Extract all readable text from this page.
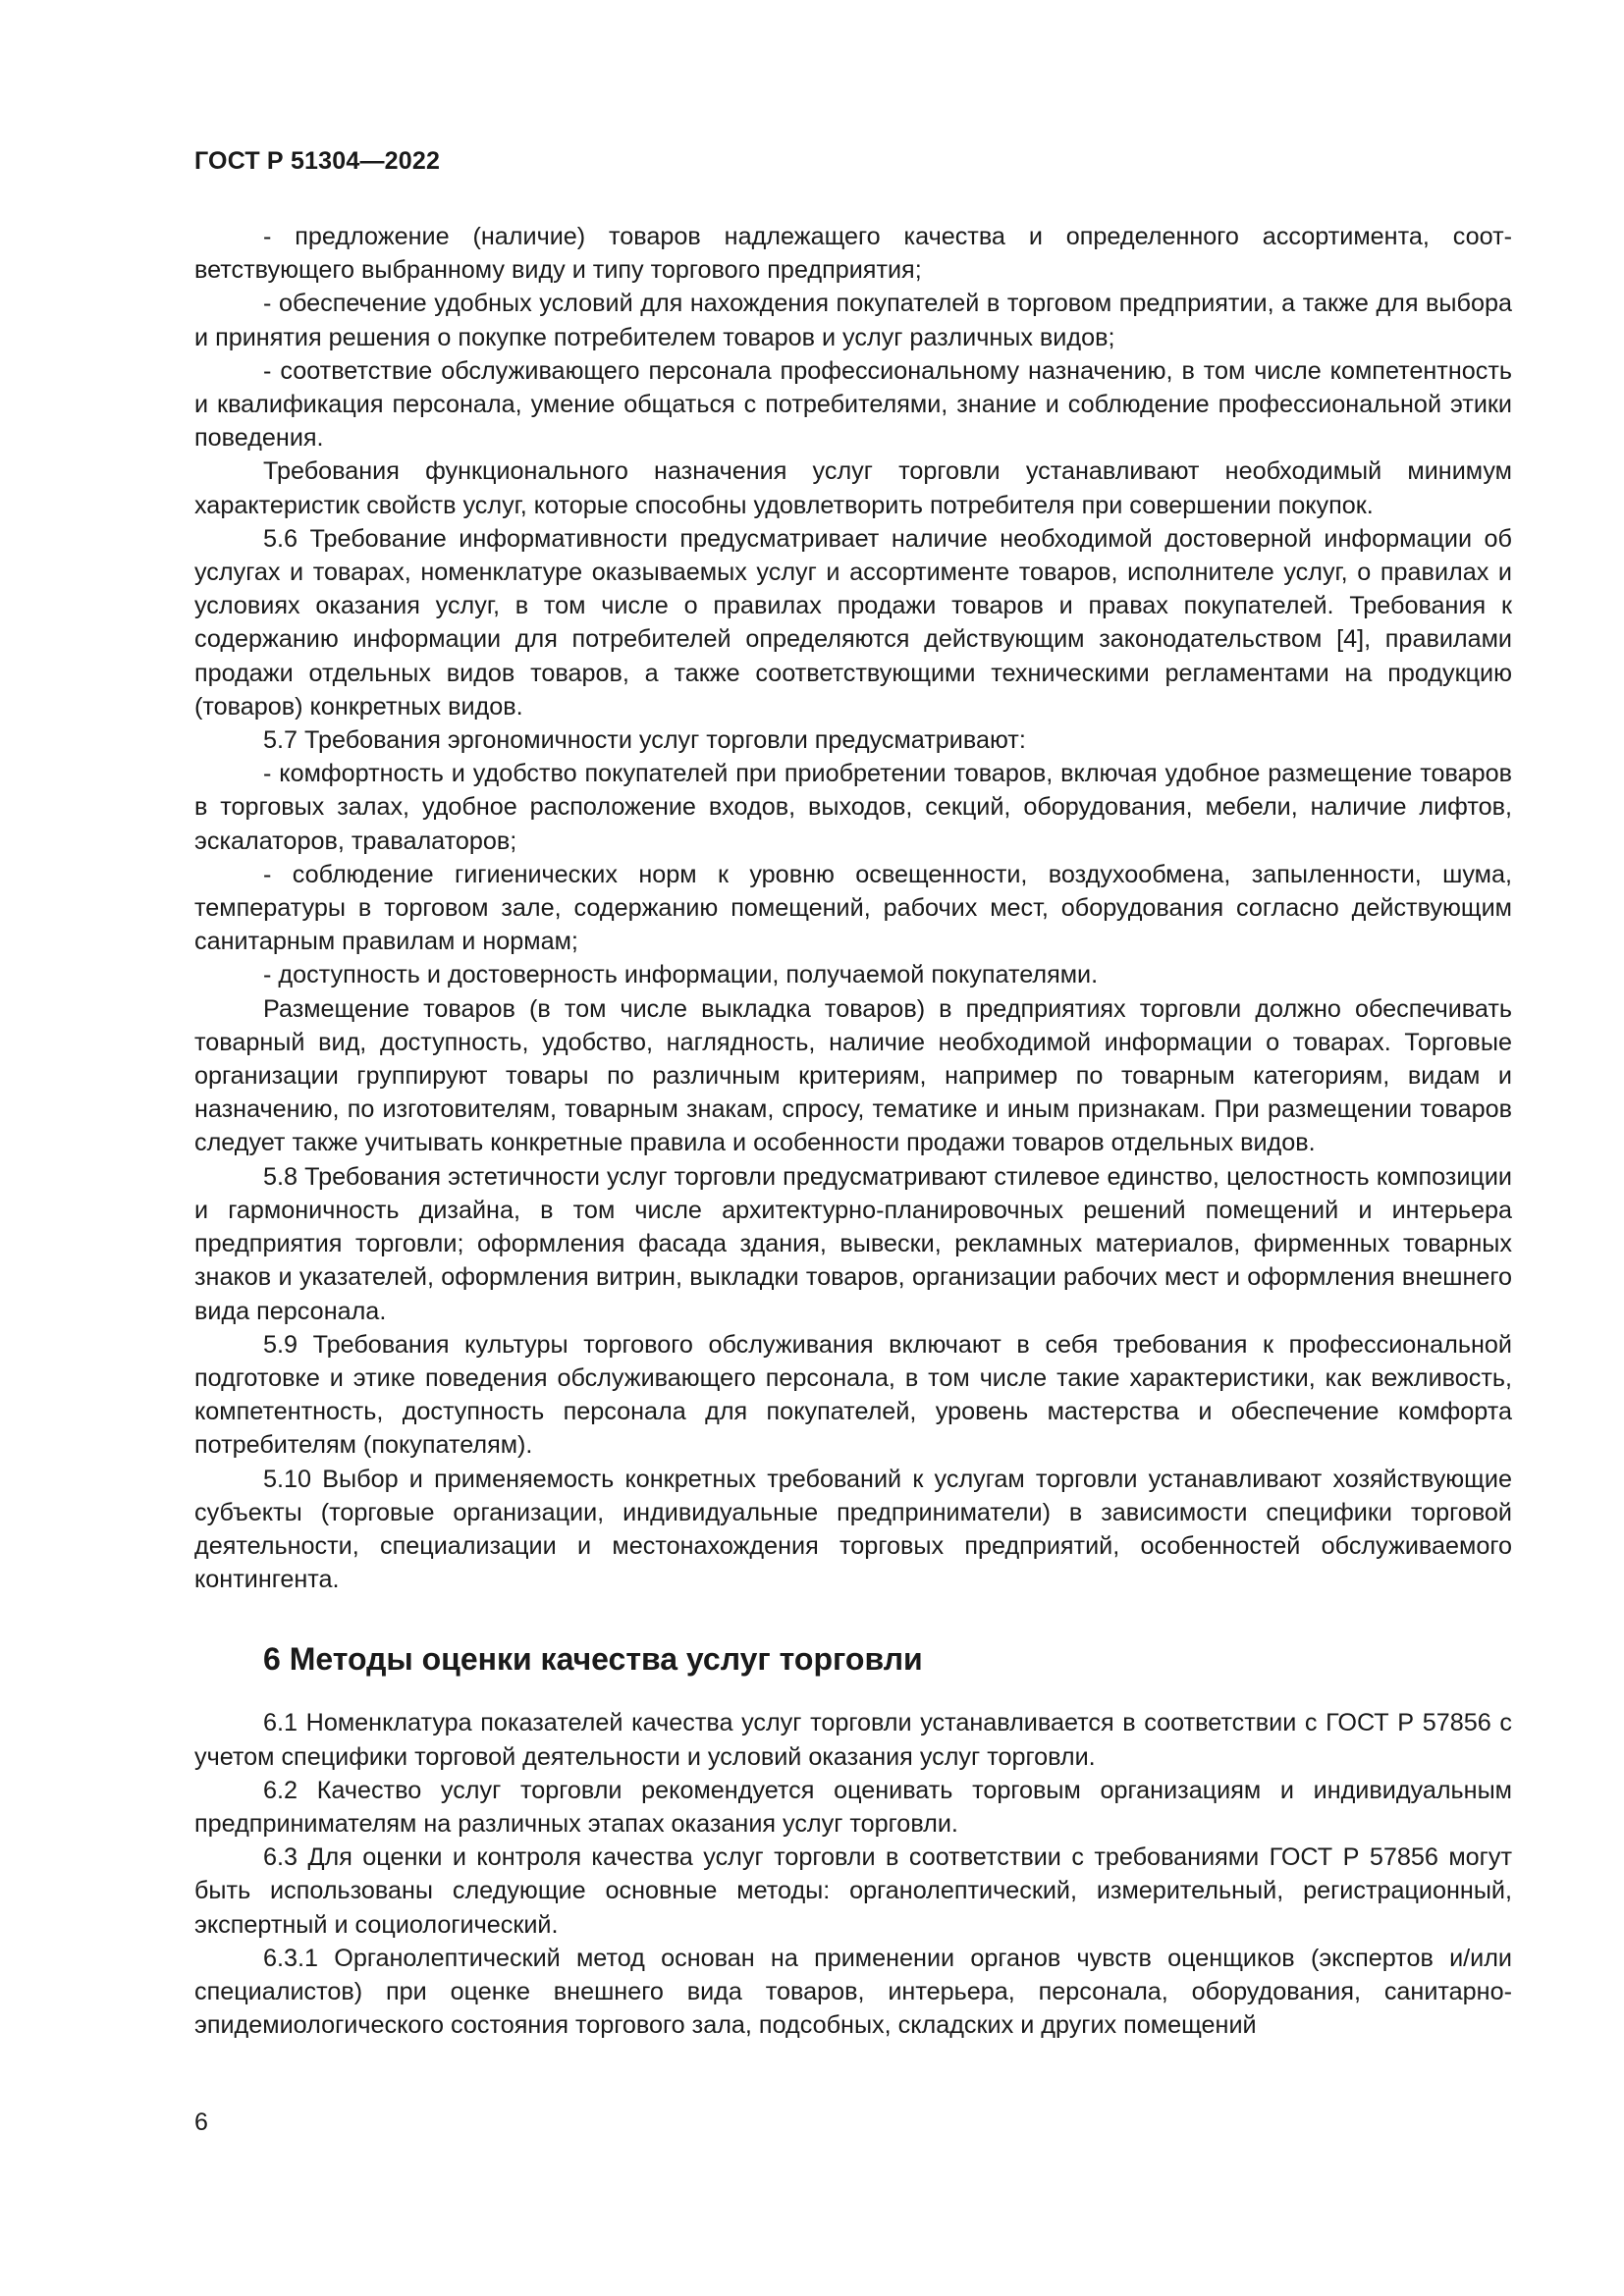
ГОСТ Р 51304—2022

- предложение (наличие) товаров надлежащего качества и определенного ассортимента, соответствующего выбранному виду и типу торгового предприятия;

- обеспечение удобных условий для нахождения покупателей в торговом предприятии, а также для выбора и принятия решения о покупке потребителем товаров и услуг различных видов;

- соответствие обслуживающего персонала профессиональному назначению, в том числе компетентность и квалификация персонала, умение общаться с потребителями, знание и соблюдение профессиональной этики поведения.

Требования функционального назначения услуг торговли устанавливают необходимый минимум характеристик свойств услуг, которые способны удовлетворить потребителя при совершении покупок.

5.6 Требование информативности предусматривает наличие необходимой достоверной информации об услугах и товарах, номенклатуре оказываемых услуг и ассортименте товаров, исполнителе услуг, о правилах и условиях оказания услуг, в том числе о правилах продажи товаров и правах покупателей. Требования к содержанию информации для потребителей определяются действующим законодательством [4], правилами продажи отдельных видов товаров, а также соответствующими техническими регламентами на продукцию (товаров) конкретных видов.

5.7 Требования эргономичности услуг торговли предусматривают:

- комфортность и удобство покупателей при приобретении товаров, включая удобное размещение товаров в торговых залах, удобное расположение входов, выходов, секций, оборудования, мебели, наличие лифтов, эскалаторов, травалаторов;

- соблюдение гигиенических норм к уровню освещенности, воздухообмена, запыленности, шума, температуры в торговом зале, содержанию помещений, рабочих мест, оборудования согласно действующим санитарным правилам и нормам;

- доступность и достоверность информации, получаемой покупателями.

Размещение товаров (в том числе выкладка товаров) в предприятиях торговли должно обеспечивать товарный вид, доступность, удобство, наглядность, наличие необходимой информации о товарах. Торговые организации группируют товары по различным критериям, например по товарным категориям, видам и назначению, по изготовителям, товарным знакам, спросу, тематике и иным признакам. При размещении товаров следует также учитывать конкретные правила и особенности продажи товаров отдельных видов.

5.8 Требования эстетичности услуг торговли предусматривают стилевое единство, целостность композиции и гармоничность дизайна, в том числе архитектурно-планировочных решений помещений и интерьера предприятия торговли; оформления фасада здания, вывески, рекламных материалов, фирменных товарных знаков и указателей, оформления витрин, выкладки товаров, организации рабочих мест и оформления внешнего вида персонала.

5.9 Требования культуры торгового обслуживания включают в себя требования к профессиональной подготовке и этике поведения обслуживающего персонала, в том числе такие характеристики, как вежливость, компетентность, доступность персонала для покупателей, уровень мастерства и обеспечение комфорта потребителям (покупателям).

5.10 Выбор и применяемость конкретных требований к услугам торговли устанавливают хозяйствующие субъекты (торговые организации, индивидуальные предприниматели) в зависимости специфики торговой деятельности, специализации и местонахождения торговых предприятий, особенностей обслуживаемого контингента.

6 Методы оценки качества услуг торговли

6.1 Номенклатура показателей качества услуг торговли устанавливается в соответствии с ГОСТ Р 57856 с учетом специфики торговой деятельности и условий оказания услуг торговли.

6.2 Качество услуг торговли рекомендуется оценивать торговым организациям и индивидуальным предпринимателям на различных этапах оказания услуг торговли.

6.3 Для оценки и контроля качества услуг торговли в соответствии с требованиями ГОСТ Р 57856 могут быть использованы следующие основные методы: органолептический, измерительный, регистрационный, экспертный и социологический.

6.3.1 Органолептический метод основан на применении органов чувств оценщиков (экспертов и/или специалистов) при оценке внешнего вида товаров, интерьера, персонала, оборудования, санитарно-эпидемиологического состояния торгового зала, подсобных, складских и других помещений

6
